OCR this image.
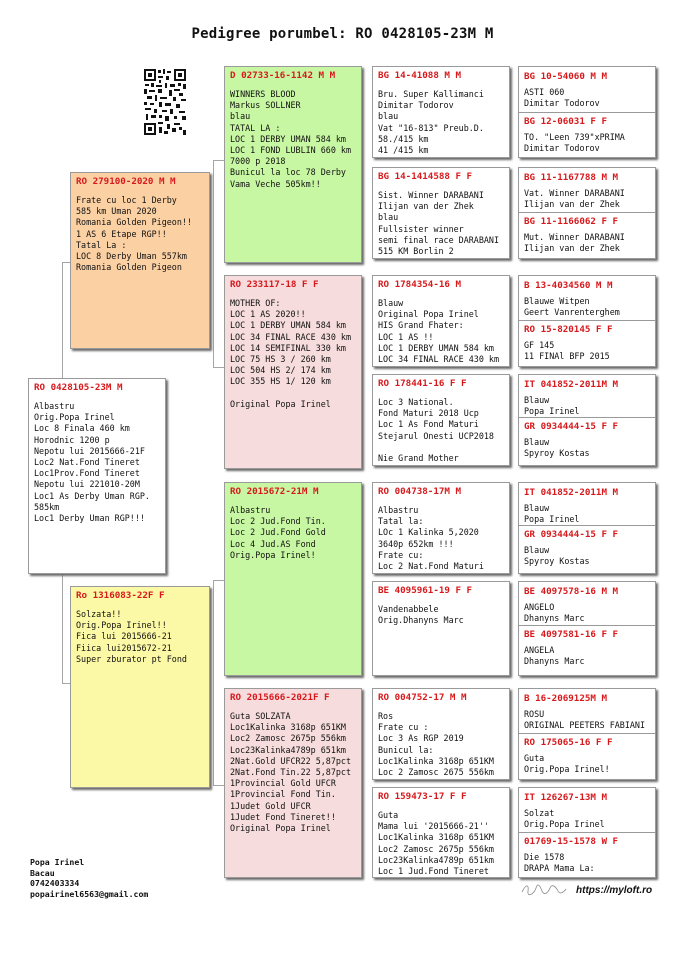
Pedigree porumbel: RO 0428105-23M M
RO 0428105-23M M
Albastru
Orig.Popa Irinel
Loc 8 Finala 460 km
Horodnic 1200 p
Nepotu lui 2015666-21F
Loc2 Nat.Fond Tineret
Loc1Prov.Fond Tineret
Nepotu lui 221010-20M
Loc1 As Derby Uman RGP.
585km
Loc1 Derby Uman RGP!!!
RO 279100-2020 M M
Frate cu loc 1 Derby
585 km Uman 2020
Romania Golden Pigeon!!
1 AS 6 Etape RGP!!
Tatal La :
LOC 8 Derby Uman 557km
Romania Golden Pigeon
Ro 1316083-22F F
Solzata!!
Orig.Popa Irinel!!
Fica lui 2015666-21
Fiica lui2015672-21
Super zburator pt Fond
D 02733-16-1142 M M
WINNERS BLOOD
Markus SOLLNER
blau
TATAL LA :
LOC 1 DERBY UMAN 584 km
LOC 1 FOND LUBLIN 660 km
7000 p 2018
Bunicul la loc 78 Derby
Vama Veche 505km!!
RO 233117-18 F F
MOTHER OF:
LOC 1 AS 2020!!
LOC 1 DERBY UMAN 584 km
LOC 34 FINAL RACE 430 km
LOC 14 SEMIFINAL 330 km
LOC 75 HS 3 / 260 km
LOC 504 HS 2/ 174 km
LOC 355 HS 1/ 120 km

Original Popa Irinel
RO 2015672-21M M
Albastru
Loc 2 Jud.Fond Tin.
Loc 2 Jud.Fond Gold
Loc 4 Jud.AS Fond
Orig.Popa Irinel!
RO 2015666-2021F F
Guta SOLZATA
Loc1Kalinka 3168p 651KM
Loc2 Zamosc 2675p 556km
Loc23Kalinka4789p 651km
2Nat.Gold UFCR22 5,87pct
2Nat.Fond Tin.22 5,87pct
1Provincial Gold UFCR
1Provincial Fond Tin.
1Judet Gold UFCR
1Judet Fond Tineret!!
Original Popa Irinel
BG 14-41088 M M
Bru. Super Kallimanci
Dimitar Todorov
blau
Vat "16-813" Preub.D.
58./415 km
41 /415 km
BG 14-1414588 F F
Sist. Winner DARABANI
Ilijan van der Zhek
blau
Fullsister winner
semi final race DARABANI
515 KM Borlin 2
RO 1784354-16 M
Blauw
Original Popa Irinel
HIS Grand Fhater:
LOC 1 AS !!
LOC 1 DERBY UMAN 584 km
LOC 34 FINAL RACE 430 km
RO 178441-16 F F
Loc 3 National.
Fond Maturi 2018 Ucp
Loc 1 As Fond Maturi
Stejarul Onesti UCP2018

Nie Grand Mother
RO 004738-17M M
Albastru
Tatal la:
LOc 1 Kalinka 5,2020
3640p 652km !!!
Frate cu:
Loc 2 Nat.Fond Maturi
BE 4095961-19 F F
Vandenabbele
Orig.Dhanyns Marc
RO 004752-17 M M
Ros
Frate cu :
Loc 3 As RGP 2019
Bunicul la:
Loc1Kalinka 3168p 651KM
Loc 2 Zamosc 2675 556km
RO 159473-17 F F
Guta
Mama lui '2015666-21''
Loc1Kalinka 3168p 651KM
Loc2 Zamosc 2675p 556km
Loc23Kalinka4789p 651km
Loc 1 Jud.Fond Tineret
BG 10-54060 M M
ASTI 060
Dimitar Todorov
BG 12-06031 F F
TO. "Leen 739"xPRIMA
Dimitar Todorov
BG 11-1167788 M M
Vat. Winner DARABANI
Ilijan van der Zhek
BG 11-1166062 F F
Mut. Winner DARABANI
Ilijan van der Zhek
B 13-4034560 M M
Blauwe Witpen
Geert Vanrenterghem
RO 15-820145 F F
GF 145
11 FINAl BFP 2015
IT 041852-2011M M
Blauw
Popa Irinel
GR 0934444-15 F F
Blauw
Spyroy Kostas
IT 041852-2011M M
Blauw
Popa Irinel
GR 0934444-15 F F
Blauw
Spyroy Kostas
BE 4097578-16 M M
ANGELO
Dhanyns Marc
BE 4097581-16 F F
ANGELA
Dhanyns Marc
B 16-2069125M M
ROSU
ORIGINAL PEETERS FABIANI
RO 175065-16 F F
Guta
Orig.Popa Irinel!
IT 126267-13M M
Solzat
Orig.Popa Irinel
01769-15-1578 W F
Die 1578
DRAPA Mama La:
Popa Irinel
Bacau
0742403334
popairinel6563@gmail.com	https://myloft.ro
